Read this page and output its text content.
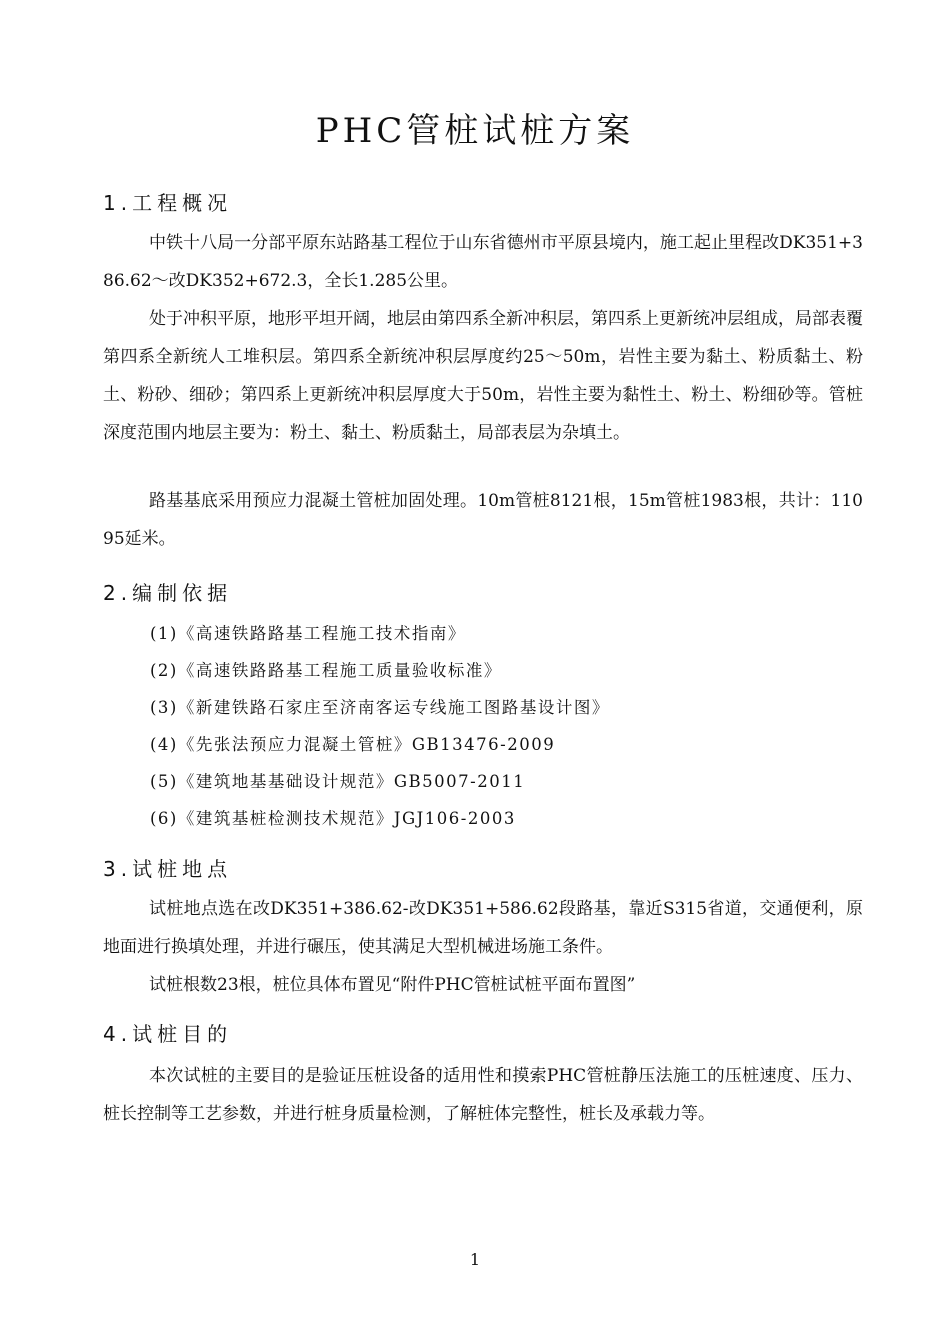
PHC管桩试桩方案
1.工程概况

中铁十八局一分部平原东站路基工程位于山东省德州市平原县境内，施工起止里程改DK351+386.62～改DK352+672.3，全长1.285公里。

处于冲积平原，地形平坦开阔，地层由第四系全新冲积层，第四系上更新统冲层组成，局部表覆第四系全新统人工堆积层。第四系全新统冲积层厚度约25～50m，岩性主要为黏土、粉质黏土、粉土、粉砂、细砂；第四系上更新统冲积层厚度大于50m，岩性主要为黏性土、粉土、粉细砂等。管桩深度范围内地层主要为：粉土、黏土、粉质黏土，局部表层为杂填土。

路基基底采用预应力混凝土管桩加固处理。10m管桩8121根，15m管桩1983根，共计：11095延米。

2.编制依据

(1)《高速铁路路基工程施工技术指南》

(2)《高速铁路路基工程施工质量验收标准》

(3)《新建铁路石家庄至济南客运专线施工图路基设计图》

(4)《先张法预应力混凝土管桩》GB13476-2009

(5)《建筑地基基础设计规范》GB5007-2011

(6)《建筑基桩检测技术规范》JGJ106-2003

3.试桩地点

试桩地点选在改DK351+386.62-改DK351+586.62段路基，靠近S315省道，交通便利，原地面进行换填处理，并进行碾压，使其满足大型机械进场施工条件。

试桩根数23根，桩位具体布置见“附件PHC管桩试桩平面布置图”

4.试桩目的

本次试桩的主要目的是验证压桩设备的适用性和摸索PHC管桩静压法施工的压桩速度、压力、桩长控制等工艺参数，并进行桩身质量检测，了解桩体完整性，桩长及承载力等。

1
